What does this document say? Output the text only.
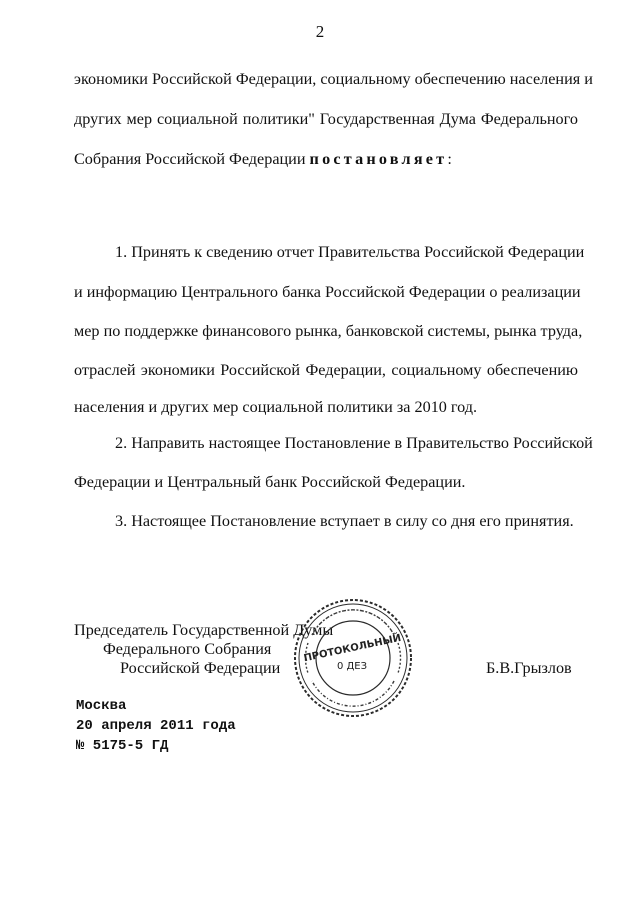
2
экономики Российской Федерации, социальному обеспечению населения и
других мер социальной политики" Государственная Дума Федерального
Собрания Российской Федерации постановляет:
1. Принять к сведению отчет Правительства Российской Федерации
и информацию Центрального банка Российской Федерации о реализации
мер по поддержке финансового рынка, банковской системы, рынка труда,
отраслей экономики Российской Федерации, социальному обеспечению
населения и других мер социальной политики за 2010 год.
2. Направить настоящее Постановление в Правительство Российской
Федерации и Центральный банк Российской Федерации.
3. Настоящее Постановление вступает в силу со дня его принятия.
Председатель Государственной Думы
Федерального Собрания
Российской Федерации	Б.В.Грызлов
ПРОТОКОЛЬНЫЙ
0 ДЕЗ
Москва
20 апреля 2011 года
№ 5175-5 ГД
